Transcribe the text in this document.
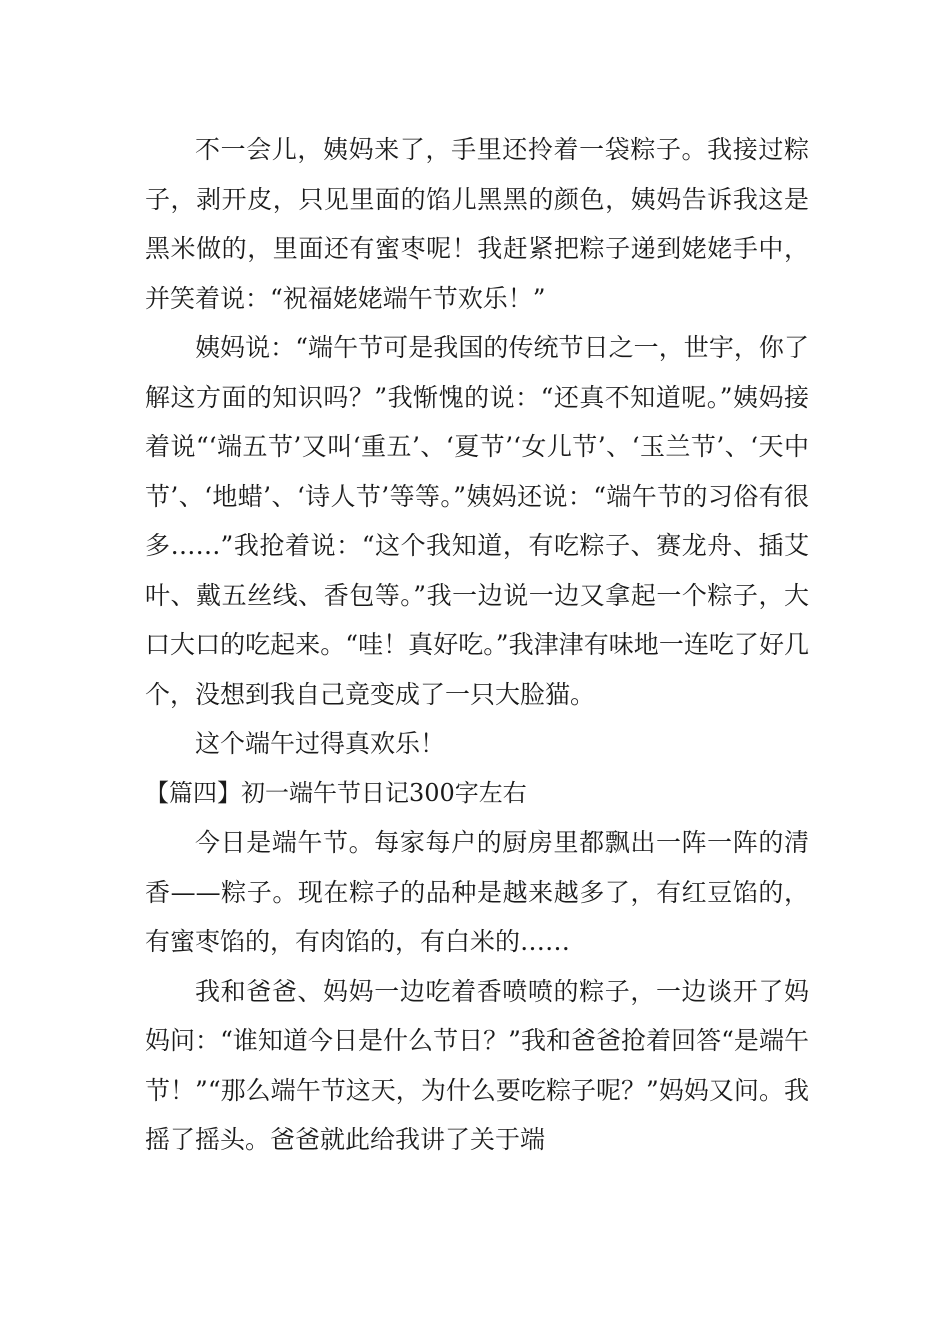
不一会儿，姨妈来了，手里还拎着一袋粽子。我接过粽子，剥开皮，只见里面的馅儿黑黑的颜色，姨妈告诉我这是黑米做的，里面还有蜜枣呢！我赶紧把粽子递到姥姥手中，并笑着说：“祝福姥姥端午节欢乐！”

姨妈说：“端午节可是我国的传统节日之一，世宇，你了解这方面的知识吗？”我惭愧的说：“还真不知道呢。”姨妈接着说“‘端五节’又叫‘重五’、‘夏节’‘女儿节’、‘玉兰节’、‘天中节’、‘地蜡’、‘诗人节’等等。”姨妈还说：“端午节的习俗有很多……”我抢着说：“这个我知道，有吃粽子、赛龙舟、插艾叶、戴五丝线、香包等。”我一边说一边又拿起一个粽子，大口大口的吃起来。“哇！真好吃。”我津津有味地一连吃了好几个，没想到我自己竟变成了一只大脸猫。

这个端午过得真欢乐！

【篇四】初一端午节日记300字左右

今日是端午节。每家每户的厨房里都飘出一阵一阵的清香——粽子。现在粽子的品种是越来越多了，有红豆馅的，有蜜枣馅的，有肉馅的，有白米的……

我和爸爸、妈妈一边吃着香喷喷的粽子，一边谈开了妈妈问：“谁知道今日是什么节日？”我和爸爸抢着回答“是端午节！”“那么端午节这天，为什么要吃粽子呢？”妈妈又问。我摇了摇头。爸爸就此给我讲了关于端
